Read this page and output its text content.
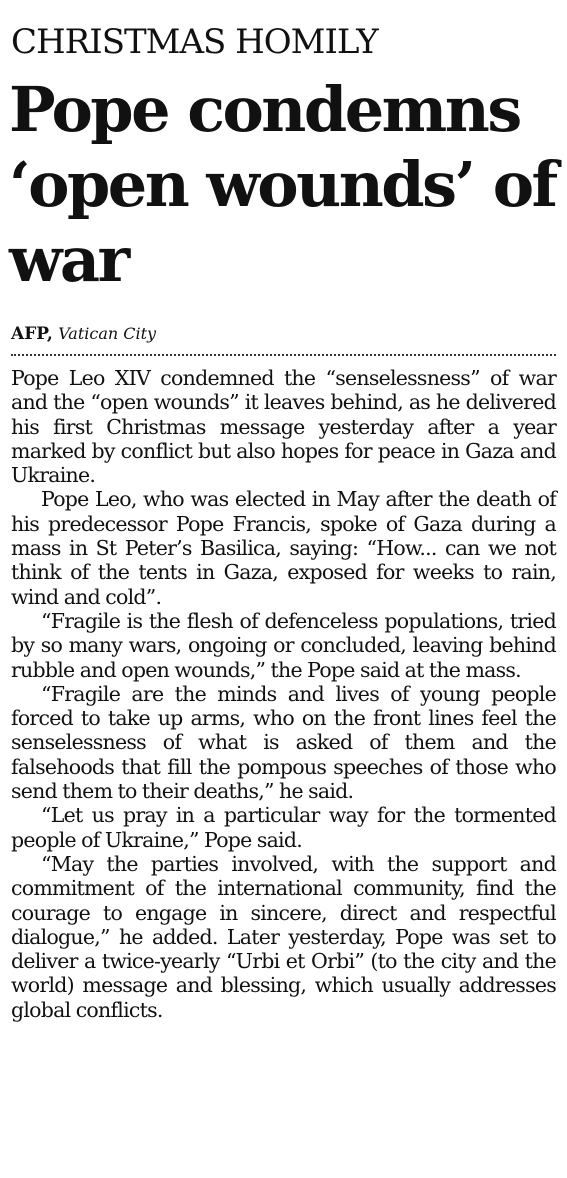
CHRISTMAS HOMILY
Pope condemns ‘open wounds’ of war
AFP, Vatican City

Pope Leo XIV condemned the “senselessness” of war and the “open wounds” it leaves behind, as he delivered his first Christmas message yesterday after a year marked by conflict but also hopes for peace in Gaza and Ukraine.

Pope Leo, who was elected in May after the death of his predecessor Pope Francis, spoke of Gaza during a mass in St Peter’s Basilica, saying: “How... can we not think of the tents in Gaza, exposed for weeks to rain, wind and cold”.

“Fragile is the flesh of defenceless populations, tried by so many wars, ongoing or concluded, leaving behind rubble and open wounds,” the Pope said at the mass.

“Fragile are the minds and lives of young people forced to take up arms, who on the front lines feel the senselessness of what is asked of them and the falsehoods that fill the pompous speeches of those who send them to their deaths,” he said.

“Let us pray in a particular way for the tormented people of Ukraine,” Pope said.

“May the parties involved, with the support and commitment of the international community, find the courage to engage in sincere, direct and respectful dialogue,” he added. Later yesterday, Pope was set to deliver a twice-yearly “Urbi et Orbi” (to the city and the world) message and blessing, which usually addresses global conflicts.
